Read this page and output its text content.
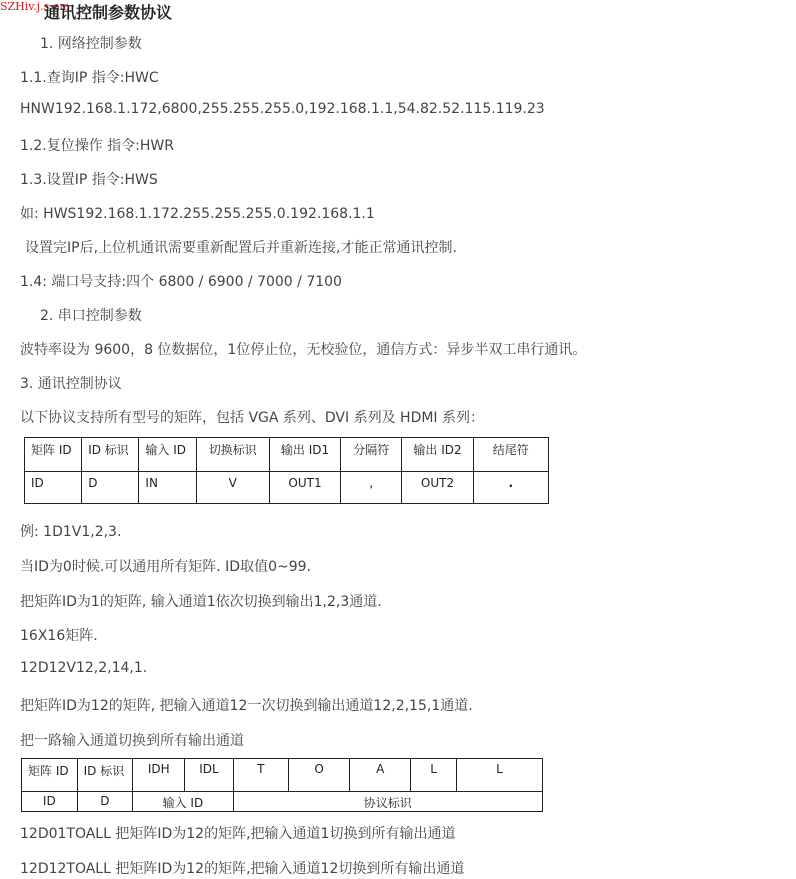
SZHiv.j.s.om
通讯控制参数协议
1. 网络控制参数
1.1.查询IP 指令:HWC
HNW192.168.1.172,6800,255.255.255.0,192.168.1.1,54.82.52.115.119.23
1.2.复位操作 指令:HWR
1.3.设置IP 指令:HWS
如: HWS192.168.1.172.255.255.255.0.192.168.1.1
设置完IP后,上位机通讯需要重新配置后并重新连接,才能正常通讯控制.
1.4: 端口号支持:四个 6800 / 6900 / 7000 / 7100
2. 串口控制参数
波特率设为 9600，8 位数据位，1位停止位，无校验位，通信方式：异步半双工串行通讯。
3. 通讯控制协议
以下协议支持所有型号的矩阵，包括 VGA 系列、DVI 系列及 HDMI 系列：
矩阵 ID	ID 标识	输入 ID	切换标识	输出 ID1	分隔符	输出 ID2	结尾符
ID	D	IN	V	OUT1	,	OUT2	.
例: 1D1V1,2,3.
当ID为0时候.可以通用所有矩阵. ID取值0~99.
把矩阵ID为1的矩阵, 输入通道1依次切换到输出1,2,3通道.
16X16矩阵.
12D12V12,2,14,1.
把矩阵ID为12的矩阵, 把输入通道12一次切换到输出通道12,2,15,1通道.
把一路输入通道切换到所有输出通道
矩阵 ID	ID 标识	IDH	IDL	T	O	A	L	L
ID	D	输入 ID		协议标识				
12D01TOALL 把矩阵ID为12的矩阵,把输入通道1切换到所有输出通道
12D12TOALL 把矩阵ID为12的矩阵,把输入通道12切换到所有输出通道
